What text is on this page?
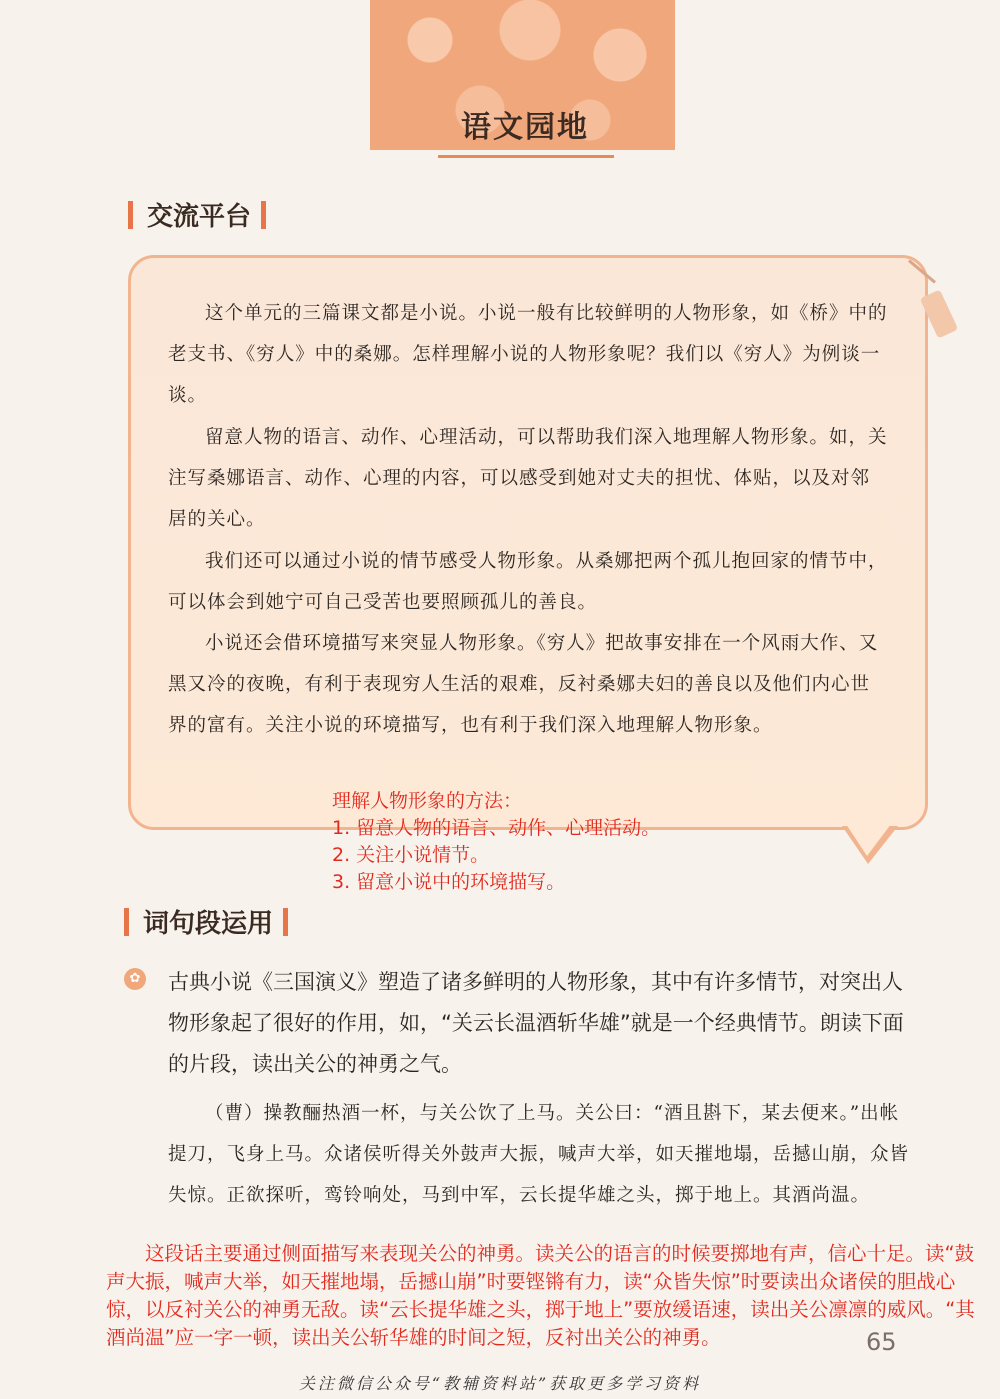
语文园地
交流平台

这个单元的三篇课文都是小说。小说一般有比较鲜明的人物形象，如《桥》中的老支书、《穷人》中的桑娜。怎样理解小说的人物形象呢？我们以《穷人》为例谈一谈。

留意人物的语言、动作、心理活动，可以帮助我们深入地理解人物形象。如，关注写桑娜语言、动作、心理的内容，可以感受到她对丈夫的担忧、体贴，以及对邻居的关心。

我们还可以通过小说的情节感受人物形象。从桑娜把两个孤儿抱回家的情节中，可以体会到她宁可自己受苦也要照顾孤儿的善良。

小说还会借环境描写来突显人物形象。《穷人》把故事安排在一个风雨大作、又黑又冷的夜晚，有利于表现穷人生活的艰难，反衬桑娜夫妇的善良以及他们内心世界的富有。关注小说的环境描写，也有利于我们深入地理解人物形象。

理解人物形象的方法：
1. 留意人物的语言、动作、心理活动。
2. 关注小说情节。
3. 留意小说中的环境描写。
词句段运用
✿ 古典小说《三国演义》塑造了诸多鲜明的人物形象，其中有许多情节，对突出人物形象起了很好的作用，如，“关云长温酒斩华雄”就是一个经典情节。朗读下面的片段，读出关公的神勇之气。

（曹）操教酾热酒一杯，与关公饮了上马。关公曰：“酒且斟下，某去便来。”出帐提刀，飞身上马。众诸侯听得关外鼓声大振，喊声大举，如天摧地塌，岳撼山崩，众皆失惊。正欲探听，鸾铃响处，马到中军，云长提华雄之头，掷于地上。其酒尚温。

这段话主要通过侧面描写来表现关公的神勇。读关公的语言的时候要掷地有声，信心十足。读“鼓声大振，喊声大举，如天摧地塌，岳撼山崩”时要铿锵有力，读“众皆失惊”时要读出众诸侯的胆战心惊，以反衬关公的神勇无敌。读“云长提华雄之头，掷于地上”要放缓语速，读出关公凛凛的威风。“其酒尚温”应一字一顿，读出关公斩华雄的时间之短，反衬出关公的神勇。	65
关注微信公众号“教辅资料站”获取更多学习资料
